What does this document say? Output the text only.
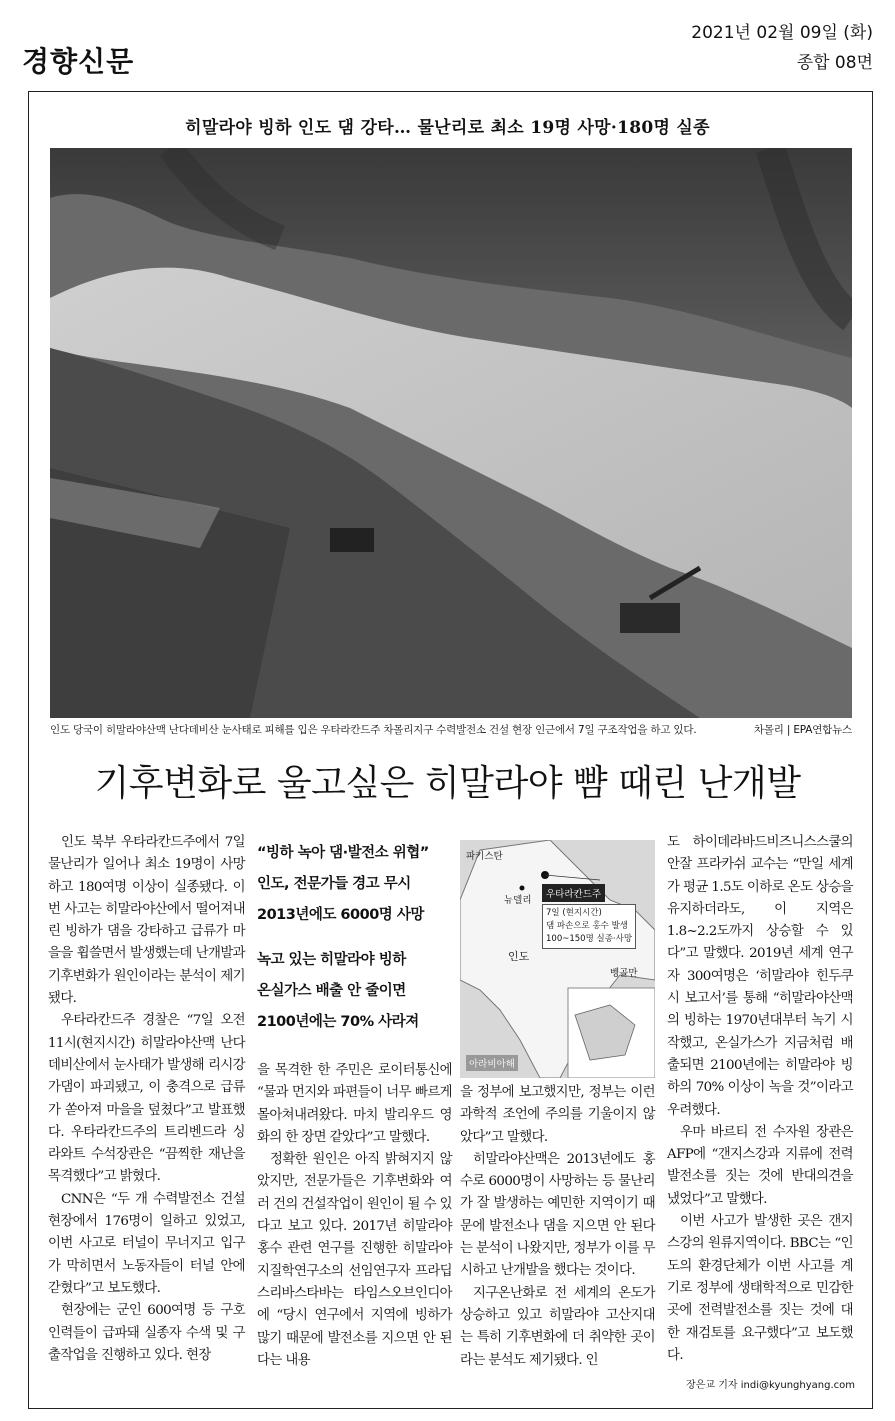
경향신문
2021년 02월 09일 (화)
종합 08면
히말라야 빙하 인도 댐 강타… 물난리로 최소 19명 사망·180명 실종
인도 당국이 히말라야산맥 난다데비산 눈사태로 피해를 입은 우타라칸드주 차몰리지구 수력발전소 건설 현장 인근에서 7일 구조작업을 하고 있다.	차몰리 | EPA연합뉴스
기후변화로 울고싶은 히말라야 뺨 때린 난개발

인도 북부 우타라칸드주에서 7일 물난리가 일어나 최소 19명이 사망하고 180여명 이상이 실종됐다. 이번 사고는 히말라야산에서 떨어져내린 빙하가 댐을 강타하고 급류가 마을을 휩쓸면서 발생했는데 난개발과 기후변화가 원인이라는 분석이 제기됐다.

우타라칸드주 경찰은 “7일 오전 11시(현지시간) 히말라야산맥 난다데비산에서 눈사태가 발생해 리시강가댐이 파괴됐고, 이 충격으로 급류가 쏟아져 마을을 덮쳤다”고 발표했다. 우타라칸드주의 트리벤드라 싱 라와트 수석장관은 “끔찍한 재난을 목격했다”고 밝혔다.

CNN은 “두 개 수력발전소 건설현장에서 176명이 일하고 있었고, 이번 사고로 터널이 무너지고 입구가 막히면서 노동자들이 터널 안에 갇혔다”고 보도했다.

현장에는 군인 600여명 등 구호인력들이 급파돼 실종자 수색 및 구출작업을 진행하고 있다. 현장

“빙하 녹아 댐·발전소 위협”
인도, 전문가들 경고 무시
2013년에도 6000명 사망
녹고 있는 히말라야 빙하
온실가스 배출 안 줄이면
2100년에는 70% 사라져

을 목격한 한 주민은 로이터통신에 “물과 먼지와 파편들이 너무 빠르게 몰아쳐내려왔다. 마치 발리우드 영화의 한 장면 같았다”고 말했다.

정확한 원인은 아직 밝혀지지 않았지만, 전문가들은 기후변화와 여러 건의 건설작업이 원인이 될 수 있다고 보고 있다. 2017년 히말라야 홍수 관련 연구를 진행한 히말라야 지질학연구소의 선임연구자 프라딥 스리바스타바는 타임스오브인디아에 “당시 연구에서 지역에 빙하가 많기 때문에 발전소를 지으면 안 된다는 내용

파키스탄
뉴델리
우타라칸드주
7일 (현지시간)
댐 파손으로 홍수 발생
100~150명 실종·사망
인도
벵골만
아라비아해

을 정부에 보고했지만, 정부는 이런 과학적 조언에 주의를 기울이지 않았다”고 말했다.

히말라야산맥은 2013년에도 홍수로 6000명이 사망하는 등 물난리가 잘 발생하는 예민한 지역이기 때문에 발전소나 댐을 지으면 안 된다는 분석이 나왔지만, 정부가 이를 무시하고 난개발을 했다는 것이다.

지구온난화로 전 세계의 온도가 상승하고 있고 히말라야 고산지대는 특히 기후변화에 더 취약한 곳이라는 분석도 제기됐다. 인

도 하이데라바드비즈니스스쿨의 안잘 프라카쉬 교수는 “만일 세계가 평균 1.5도 이하로 온도 상승을 유지하더라도, 이 지역은 1.8~2.2도까지 상승할 수 있다”고 말했다. 2019년 세계 연구자 300여명은 ‘히말라야 힌두쿠시 보고서’를 통해 “히말라야산맥의 빙하는 1970년대부터 녹기 시작했고, 온실가스가 지금처럼 배출되면 2100년에는 히말라야 빙하의 70% 이상이 녹을 것”이라고 우려했다.

우마 바르티 전 수자원 장관은 AFP에 “갠지스강과 지류에 전력발전소를 짓는 것에 반대의견을 냈었다”고 말했다.

이번 사고가 발생한 곳은 갠지스강의 원류지역이다. BBC는 “인도의 환경단체가 이번 사고를 계기로 정부에 생태학적으로 민감한 곳에 전력발전소를 짓는 것에 대한 재검토를 요구했다”고 보도했다.

장은교 기자 indi@kyunghyang.com
